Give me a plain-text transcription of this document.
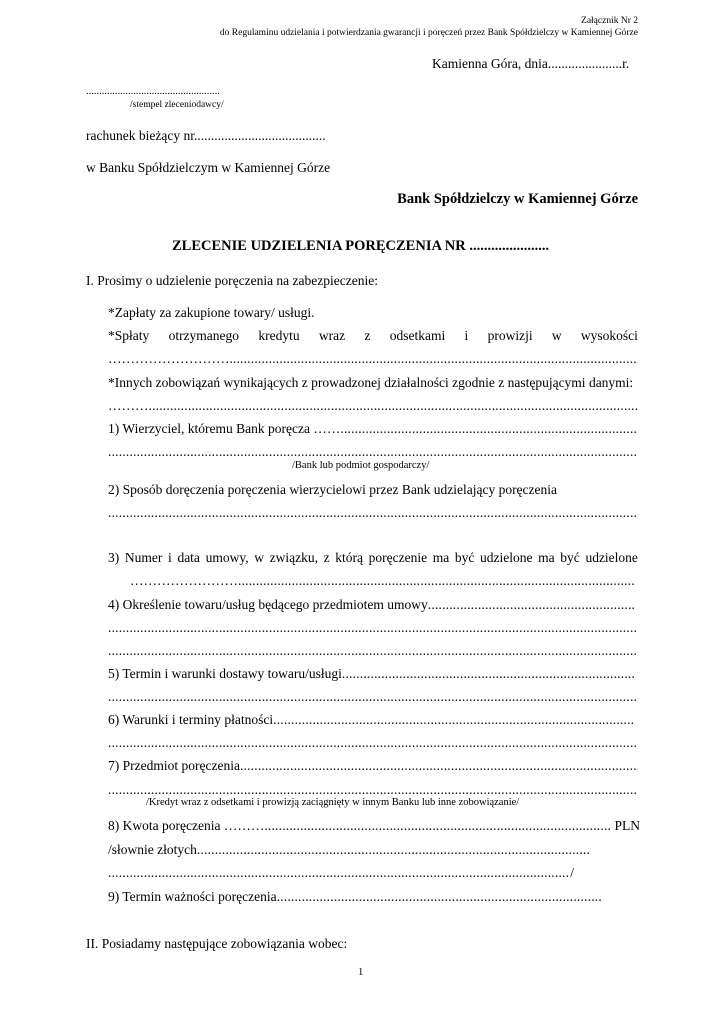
Załącznik Nr 2
do Regulaminu udzielania i potwierdzania gwarancji i poręczeń przez Bank Spółdzielczy w Kamiennej Górze
Kamienna Góra, dnia......................r.
...................................................
/stempel zleceniodawcy/
rachunek bieżący nr.......................................
w Banku Spółdzielczym w Kamiennej Górze
Bank Spółdzielczy w Kamiennej Górze
ZLECENIE UDZIELENIA PORĘCZENIA NR ......................
I. Prosimy o udzielenie poręczenia na zabezpieczenie:
*Zapłaty za zakupione towary/ usługi.
*Spłaty otrzymanego kredytu wraz z odsetkami i prowizji w wysokości
……………………….
.....
*Innych zobowiązań wynikających z prowadzonej działalności zgodnie z następującymi danymi:
………
.....
1) Wierzyciel, któremu Bank poręcza ……
.....
.....
/Bank lub podmiot gospodarczy/
2) Sposób doręczenia poręczenia wierzycielowi przez Bank udzielający poręczenia
.....
3) Numer i data umowy, w związku, z którą poręczenie ma być udzielone ma być udzielone
……………………
.....
4) Określenie towaru/usług będącego przedmiotem umowy
.....
.....
.....
5) Termin i warunki dostawy towaru/usługi
.....
.....
6) Warunki i terminy płatności
.....
.....
7) Przedmiot poręczenia
.....
.....
/Kredyt wraz z odsetkami i prowizją zaciągnięty w innym Banku lub inne zobowiązanie/
8) Kwota poręczenia ………
.....	PLN
/słownie złotych
.....
.....
/
9) Termin ważności poręczenia
.....
II. Posiadamy następujące zobowiązania wobec:
1
